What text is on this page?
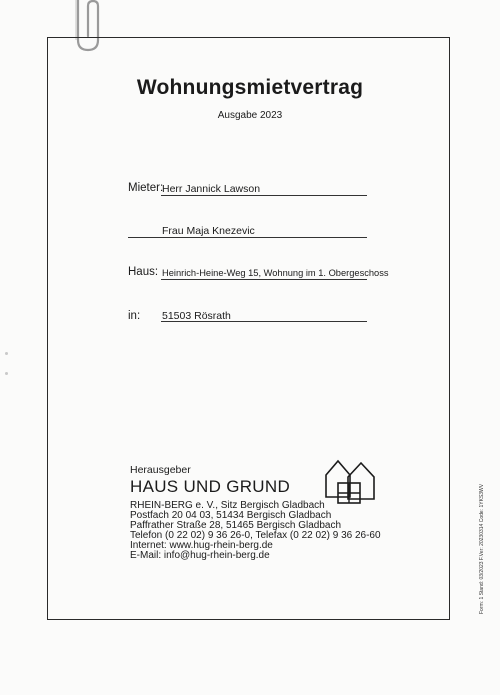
Wohnungsmietvertrag
Ausgabe 2023
Mieter:
Herr Jannick Lawson
Frau Maja Knezevic
Haus: Heinrich-Heine-Weg 15, Wohnung im 1. Obergeschoss
in: 51503 Rösrath
Herausgeber
HAUS UND GRUND
RHEIN-BERG e. V., Sitz Bergisch Gladbach
Postfach 20 04 03, 51434 Bergisch Gladbach
Paffrather Straße 28, 51465 Bergisch Gladbach
Telefon (0 22 02) 9 36 26-0, Telefax (0 22 02) 9 36 26-60
Internet: www.hug-rhein-berg.de
E-Mail: info@hug-rhein-berg.de	Form: 1 Stand: 03/2023 F.Ver: 20230314 Code: 1YKS3WV
